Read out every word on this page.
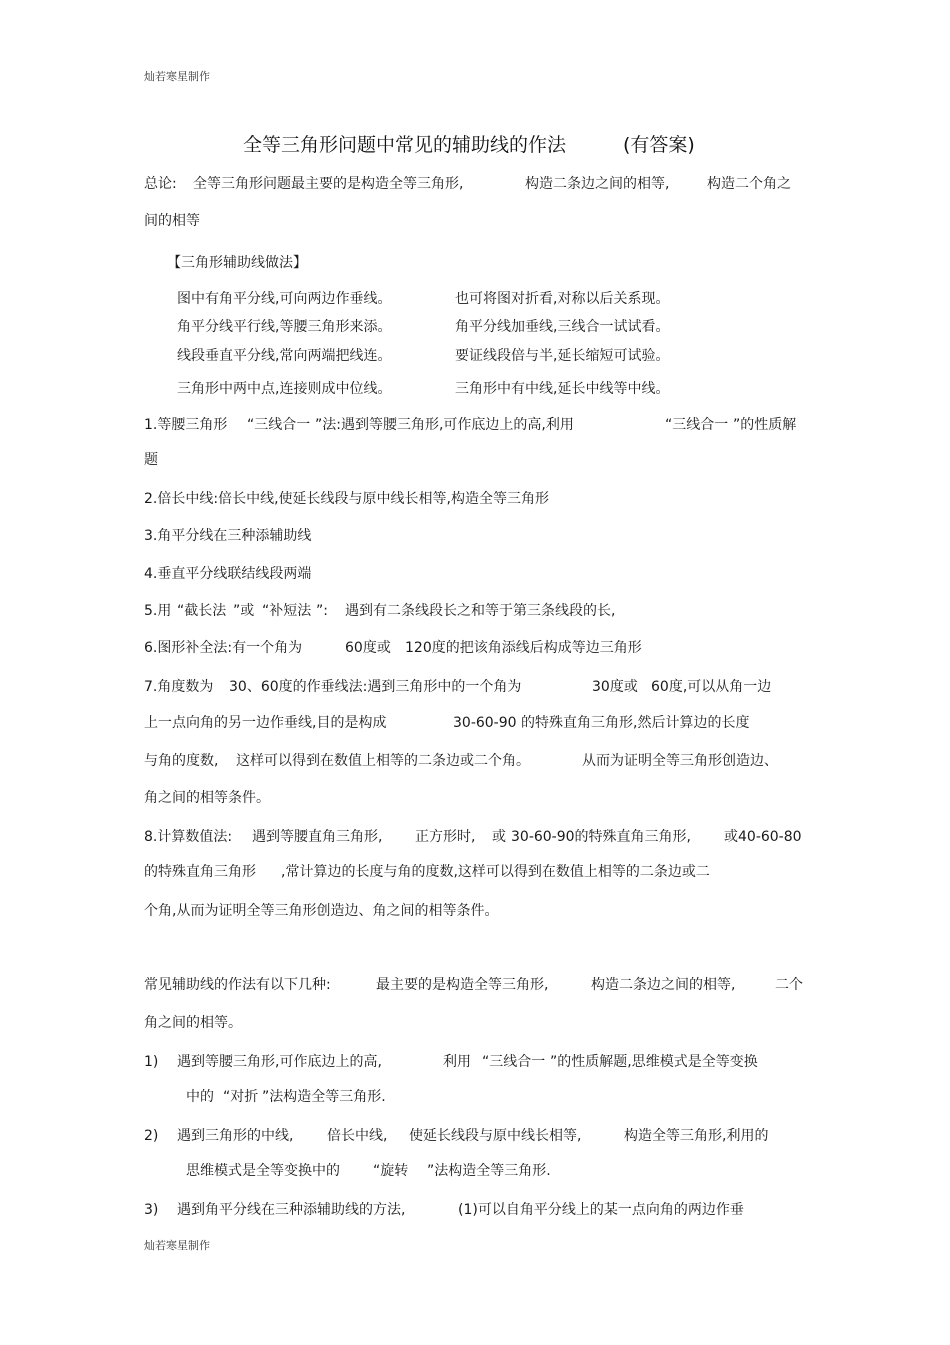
灿若寒星制作
灿若寒星制作
全等三角形问题中常见的辅助线的作法	(有答案)
总论: 全等三角形问题最主要的是构造全等三角形,	构造二条边之间的相等,	构造二个角之
间的相等
【三角形辅助线做法】
图中有角平分线,可向两边作垂线。	也可将图对折看,对称以后关系现。
角平分线平行线,等腰三角形来添。	角平分线加垂线,三线合一试试看。
线段垂直平分线,常向两端把线连。	要证线段倍与半,延长缩短可试验。
三角形中两中点,连接则成中位线。	三角形中有中线,延长中线等中线。
1.等腰三角形 “三线合一 ”法:遇到等腰三角形,可作底边上的高,利用	“三线合一 ”的性质解
题
2.倍长中线:倍长中线,使延长线段与原中线长相等,构造全等三角形
3.角平分线在三种添辅助线
4.垂直平分线联结线段两端
5.用 “截长法 ”或 “补短法 ”: 遇到有二条线段长之和等于第三条线段的长,
6.图形补全法:有一个角为	60度或 120度的把该角添线后构成等边三角形
7.角度数为 30、60度的作垂线法:遇到三角形中的一个角为	30度或 60度,可以从角一边
上一点向角的另一边作垂线,目的是构成	30-60-90 的特殊直角三角形,然后计算边的长度
与角的度数, 这样可以得到在数值上相等的二条边或二个角。	从而为证明全等三角形创造边、
角之间的相等条件。
8.计算数值法: 遇到等腰直角三角形, 正方形时, 或 30-60-90的特殊直角三角形, 或40-60-80
的特殊直角三角形 ,常计算边的长度与角的度数,这样可以得到在数值上相等的二条边或二
个角,从而为证明全等三角形创造边、角之间的相等条件。
常见辅助线的作法有以下几种:	最主要的是构造全等三角形,	构造二条边之间的相等,	二个
角之间的相等。
1) 遇到等腰三角形,可作底边上的高,	利用 “三线合一 ”的性质解题,思维模式是全等变换
中的 “对折 ”法构造全等三角形.
2) 遇到三角形的中线, 倍长中线, 使延长线段与原中线长相等,	构造全等三角形,利用的
思维模式是全等变换中的 “旋转 ”法构造全等三角形.
3) 遇到角平分线在三种添辅助线的方法,	(1)可以自角平分线上的某一点向角的两边作垂
